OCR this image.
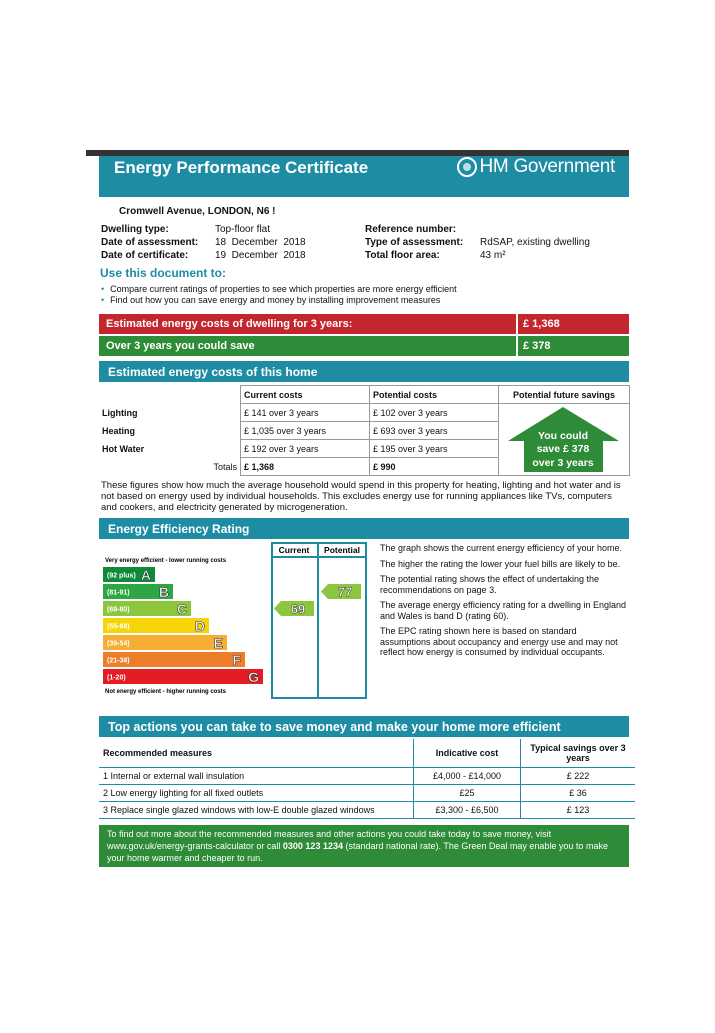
Energy Performance Certificate	HM Government
Cromwell Avenue, LONDON, N6 !
Dwelling type:	Top-floor flat
Date of assessment: 18  December  2018
Date of certificate:	19  December  2018
Reference number:
Type of assessment: RdSAP, existing dwelling
Total floor area:	43 m²
Use this document to:
• Compare current ratings of properties to see which properties are more energy efficient
• Find out how you can save energy and money by installing improvement measures
Estimated energy costs of dwelling for 3 years:	£ 1,368
Over 3 years you could save	£ 378
Estimated energy costs of this home
	Current costs	Potential costs	Potential future savings
Lighting	£ 141 over 3 years	£ 102 over 3 years	
Heating	£ 1,035 over 3 years	£ 693 over 3 years	
Hot Water	£ 192 over 3 years	£ 195 over 3 years	
Totals	£ 1,368	£ 990	
You could
save £ 378
over 3 years
These figures show how much the average household would spend in this property for heating, lighting and hot water and is not based on energy used by individual households. This excludes energy use for running appliances like TVs, computers and cookers, and electricity generated by microgeneration.
Energy Efficiency Rating
Current Potential
Very energy efficient - lower running costs
Not energy efficient - higher running costs
(92 plus) A
(81-91) B
(69-80)	C
(55-68)	D
(39-54)	E
(21-38)	F
(1-20)	G
69
77

The graph shows the current energy efficiency of your home.

The higher the rating the lower your fuel bills are likely to be.

The potential rating shows the effect of undertaking the recommendations on page 3.

The average energy efficiency rating for a dwelling in England and Wales is band D (rating 60).

The EPC rating shown here is based on standard assumptions about occupancy and energy use and may not reflect how energy is consumed by individual occupants.

Top actions you can take to save money and make your home more efficient
Recommended measures	Indicative cost	Typical savings over 3 years
1 Internal or external wall insulation	£4,000 - £14,000	£ 222
2 Low energy lighting for all fixed outlets	£25	£ 36
3 Replace single glazed windows with low-E double glazed windows	£3,300 - £6,500	£ 123
To find out more about the recommended measures and other actions you could take today to save money, visit www.gov.uk/energy-grants-calculator or call 0300 123 1234 (standard national rate). The Green Deal may enable you to make your home warmer and cheaper to run.
